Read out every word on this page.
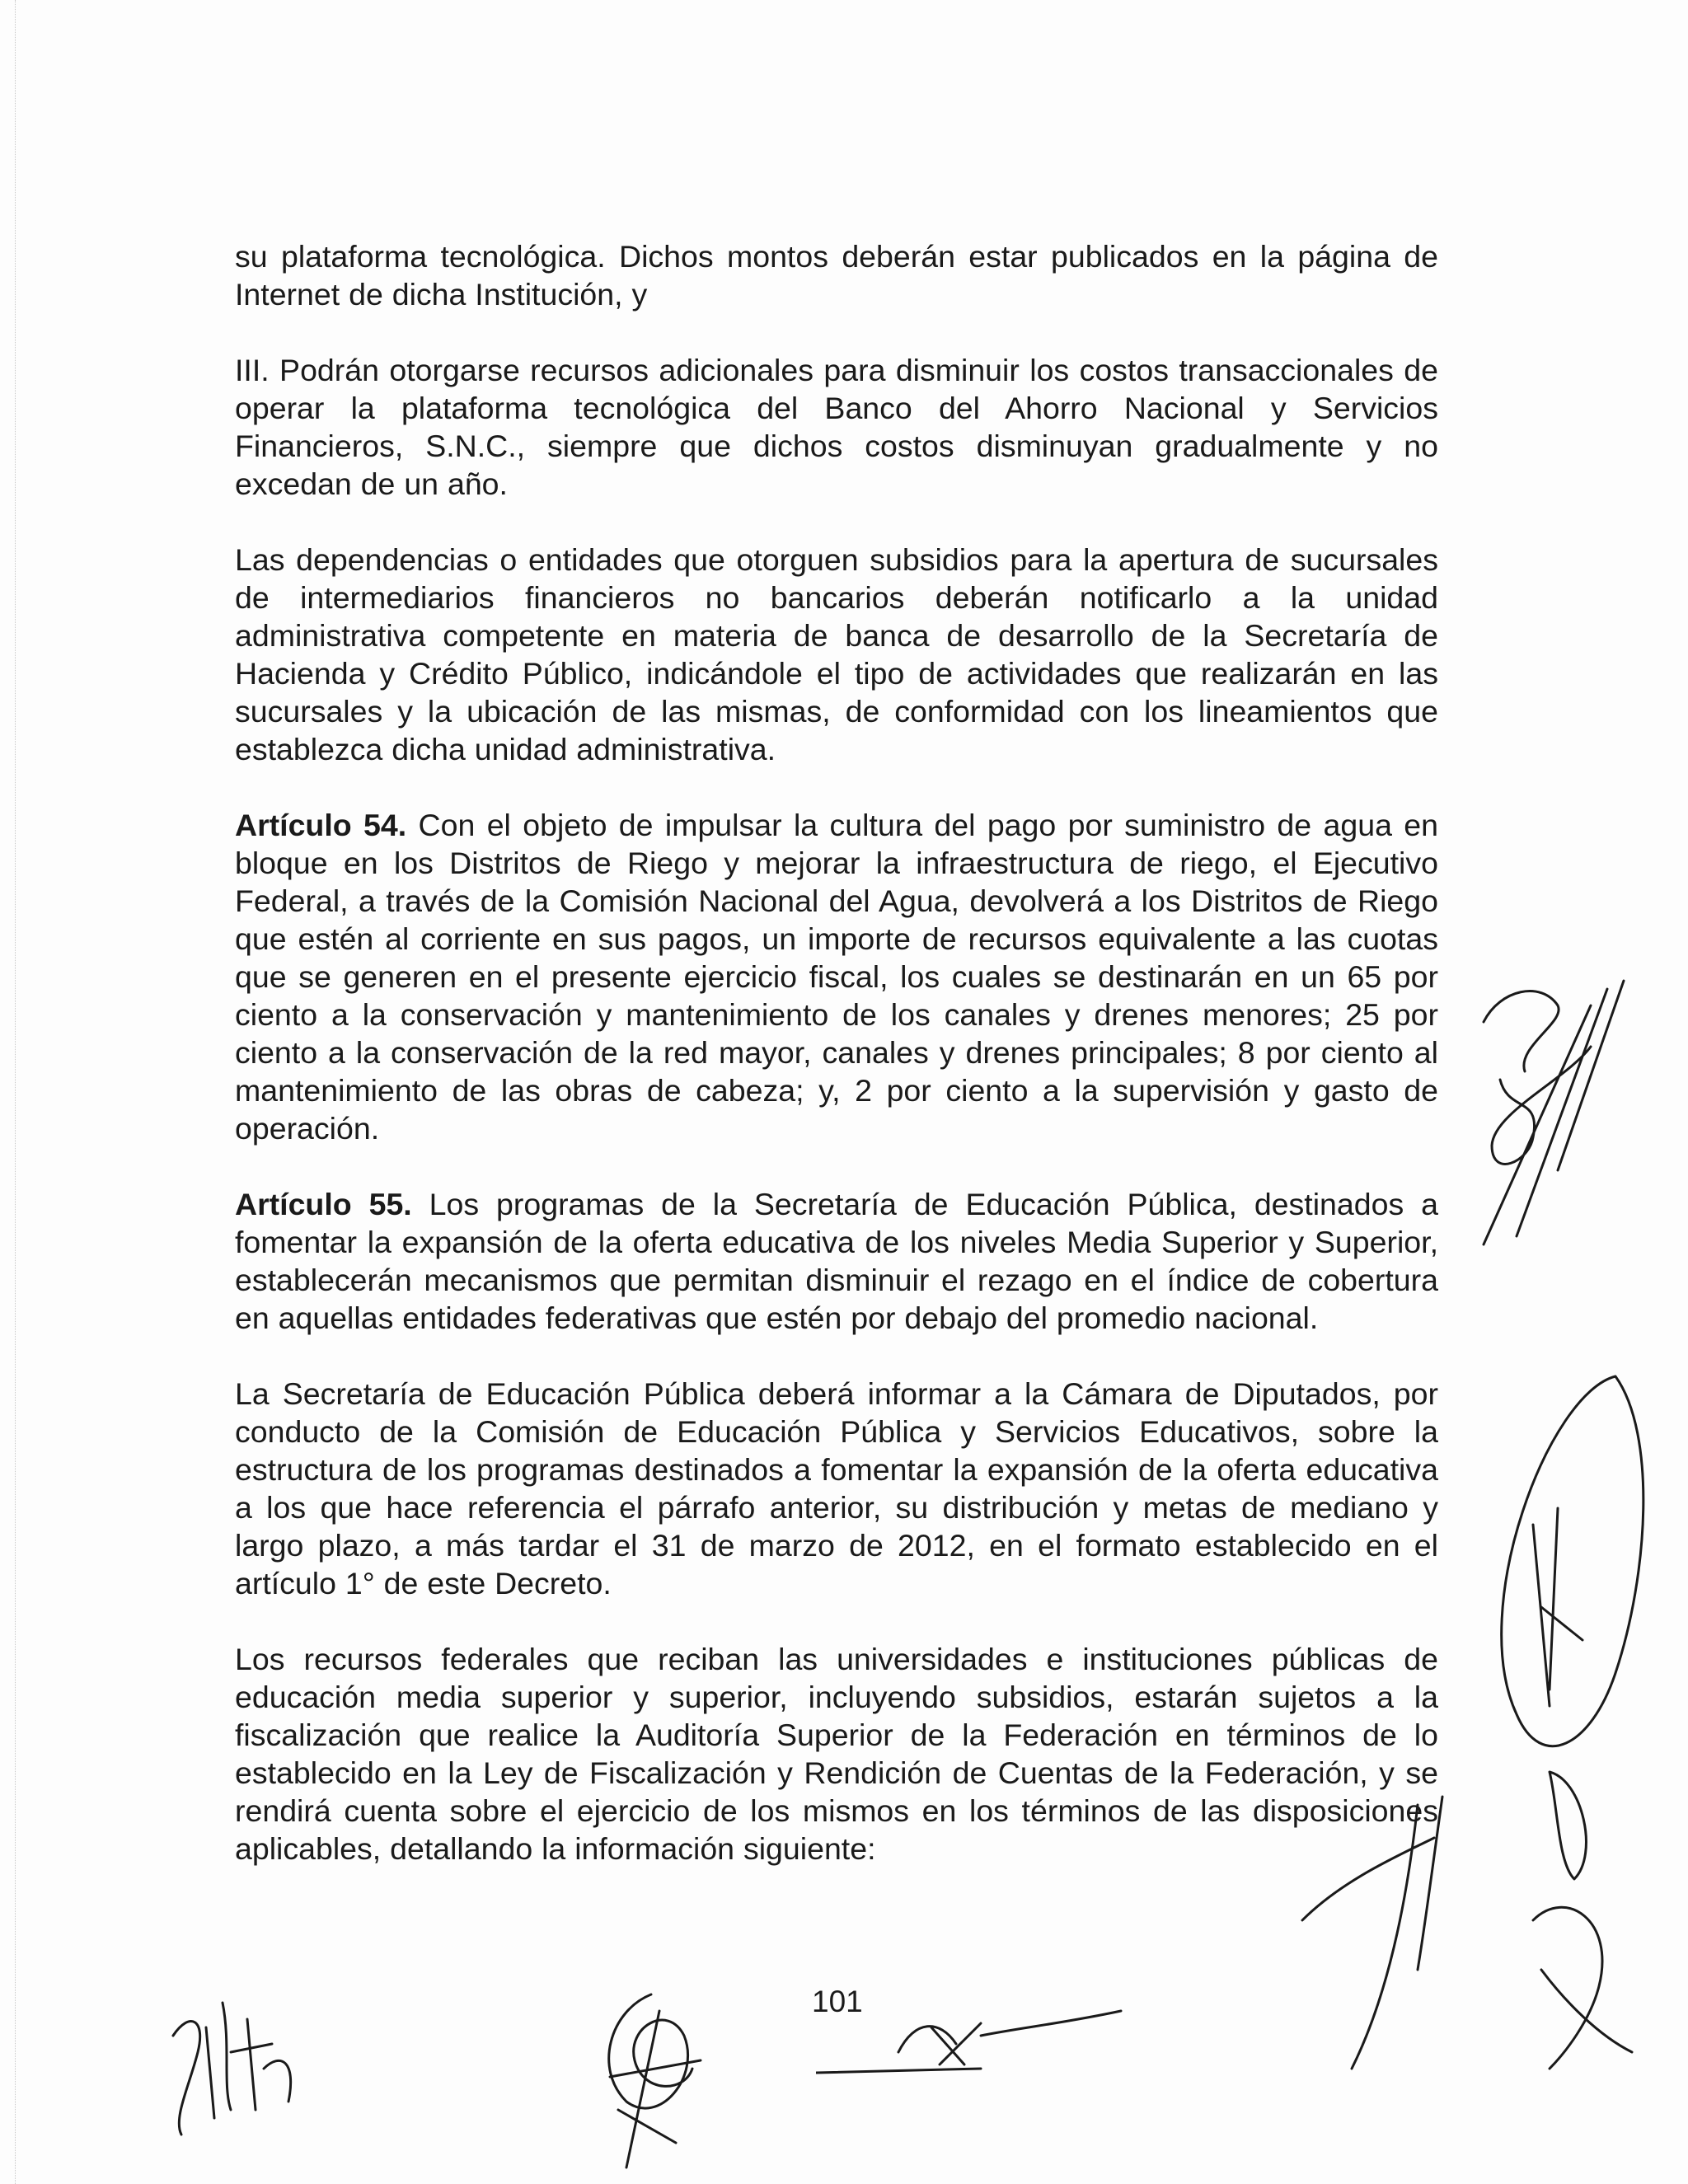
su plataforma tecnológica. Dichos montos deberán estar publicados en la página de Internet de dicha Institución, y

III. Podrán otorgarse recursos adicionales para disminuir los costos transaccionales de operar la plataforma tecnológica del Banco del Ahorro Nacional y Servicios Financieros, S.N.C., siempre que dichos costos disminuyan gradualmente y no excedan de un año.

Las dependencias o entidades que otorguen subsidios para la apertura de sucursales de intermediarios financieros no bancarios deberán notificarlo a la unidad administrativa competente en materia de banca de desarrollo de la Secretaría de Hacienda y Crédito Público, indicándole el tipo de actividades que realizarán en las sucursales y la ubicación de las mismas, de conformidad con los lineamientos que establezca dicha unidad administrativa.

Artículo 54. Con el objeto de impulsar la cultura del pago por suministro de agua en bloque en los Distritos de Riego y mejorar la infraestructura de riego, el Ejecutivo Federal, a través de la Comisión Nacional del Agua, devolverá a los Distritos de Riego que estén al corriente en sus pagos, un importe de recursos equivalente a las cuotas que se generen en el presente ejercicio fiscal, los cuales se destinarán en un 65 por ciento a la conservación y mantenimiento de los canales y drenes menores; 25 por ciento a la conservación de la red mayor, canales y drenes principales; 8 por ciento al mantenimiento de las obras de cabeza; y, 2 por ciento a la supervisión y gasto de operación.

Artículo 55. Los programas de la Secretaría de Educación Pública, destinados a fomentar la expansión de la oferta educativa de los niveles Media Superior y Superior, establecerán mecanismos que permitan disminuir el rezago en el índice de cobertura en aquellas entidades federativas que estén por debajo del promedio nacional.

La Secretaría de Educación Pública deberá informar a la Cámara de Diputados, por conducto de la Comisión de Educación Pública y Servicios Educativos, sobre la estructura de los programas destinados a fomentar la expansión de la oferta educativa a los que hace referencia el párrafo anterior, su distribución y metas de mediano y largo plazo, a más tardar el 31 de marzo de 2012, en el formato establecido en el artículo 1° de este Decreto.

Los recursos federales que reciban las universidades e instituciones públicas de educación media superior y superior, incluyendo subsidios, estarán sujetos a la fiscalización que realice la Auditoría Superior de la Federación en términos de lo establecido en la Ley de Fiscalización y Rendición de Cuentas de la Federación, y se rendirá cuenta sobre el ejercicio de los mismos en los términos de las disposiciones aplicables, detallando la información siguiente:

101
